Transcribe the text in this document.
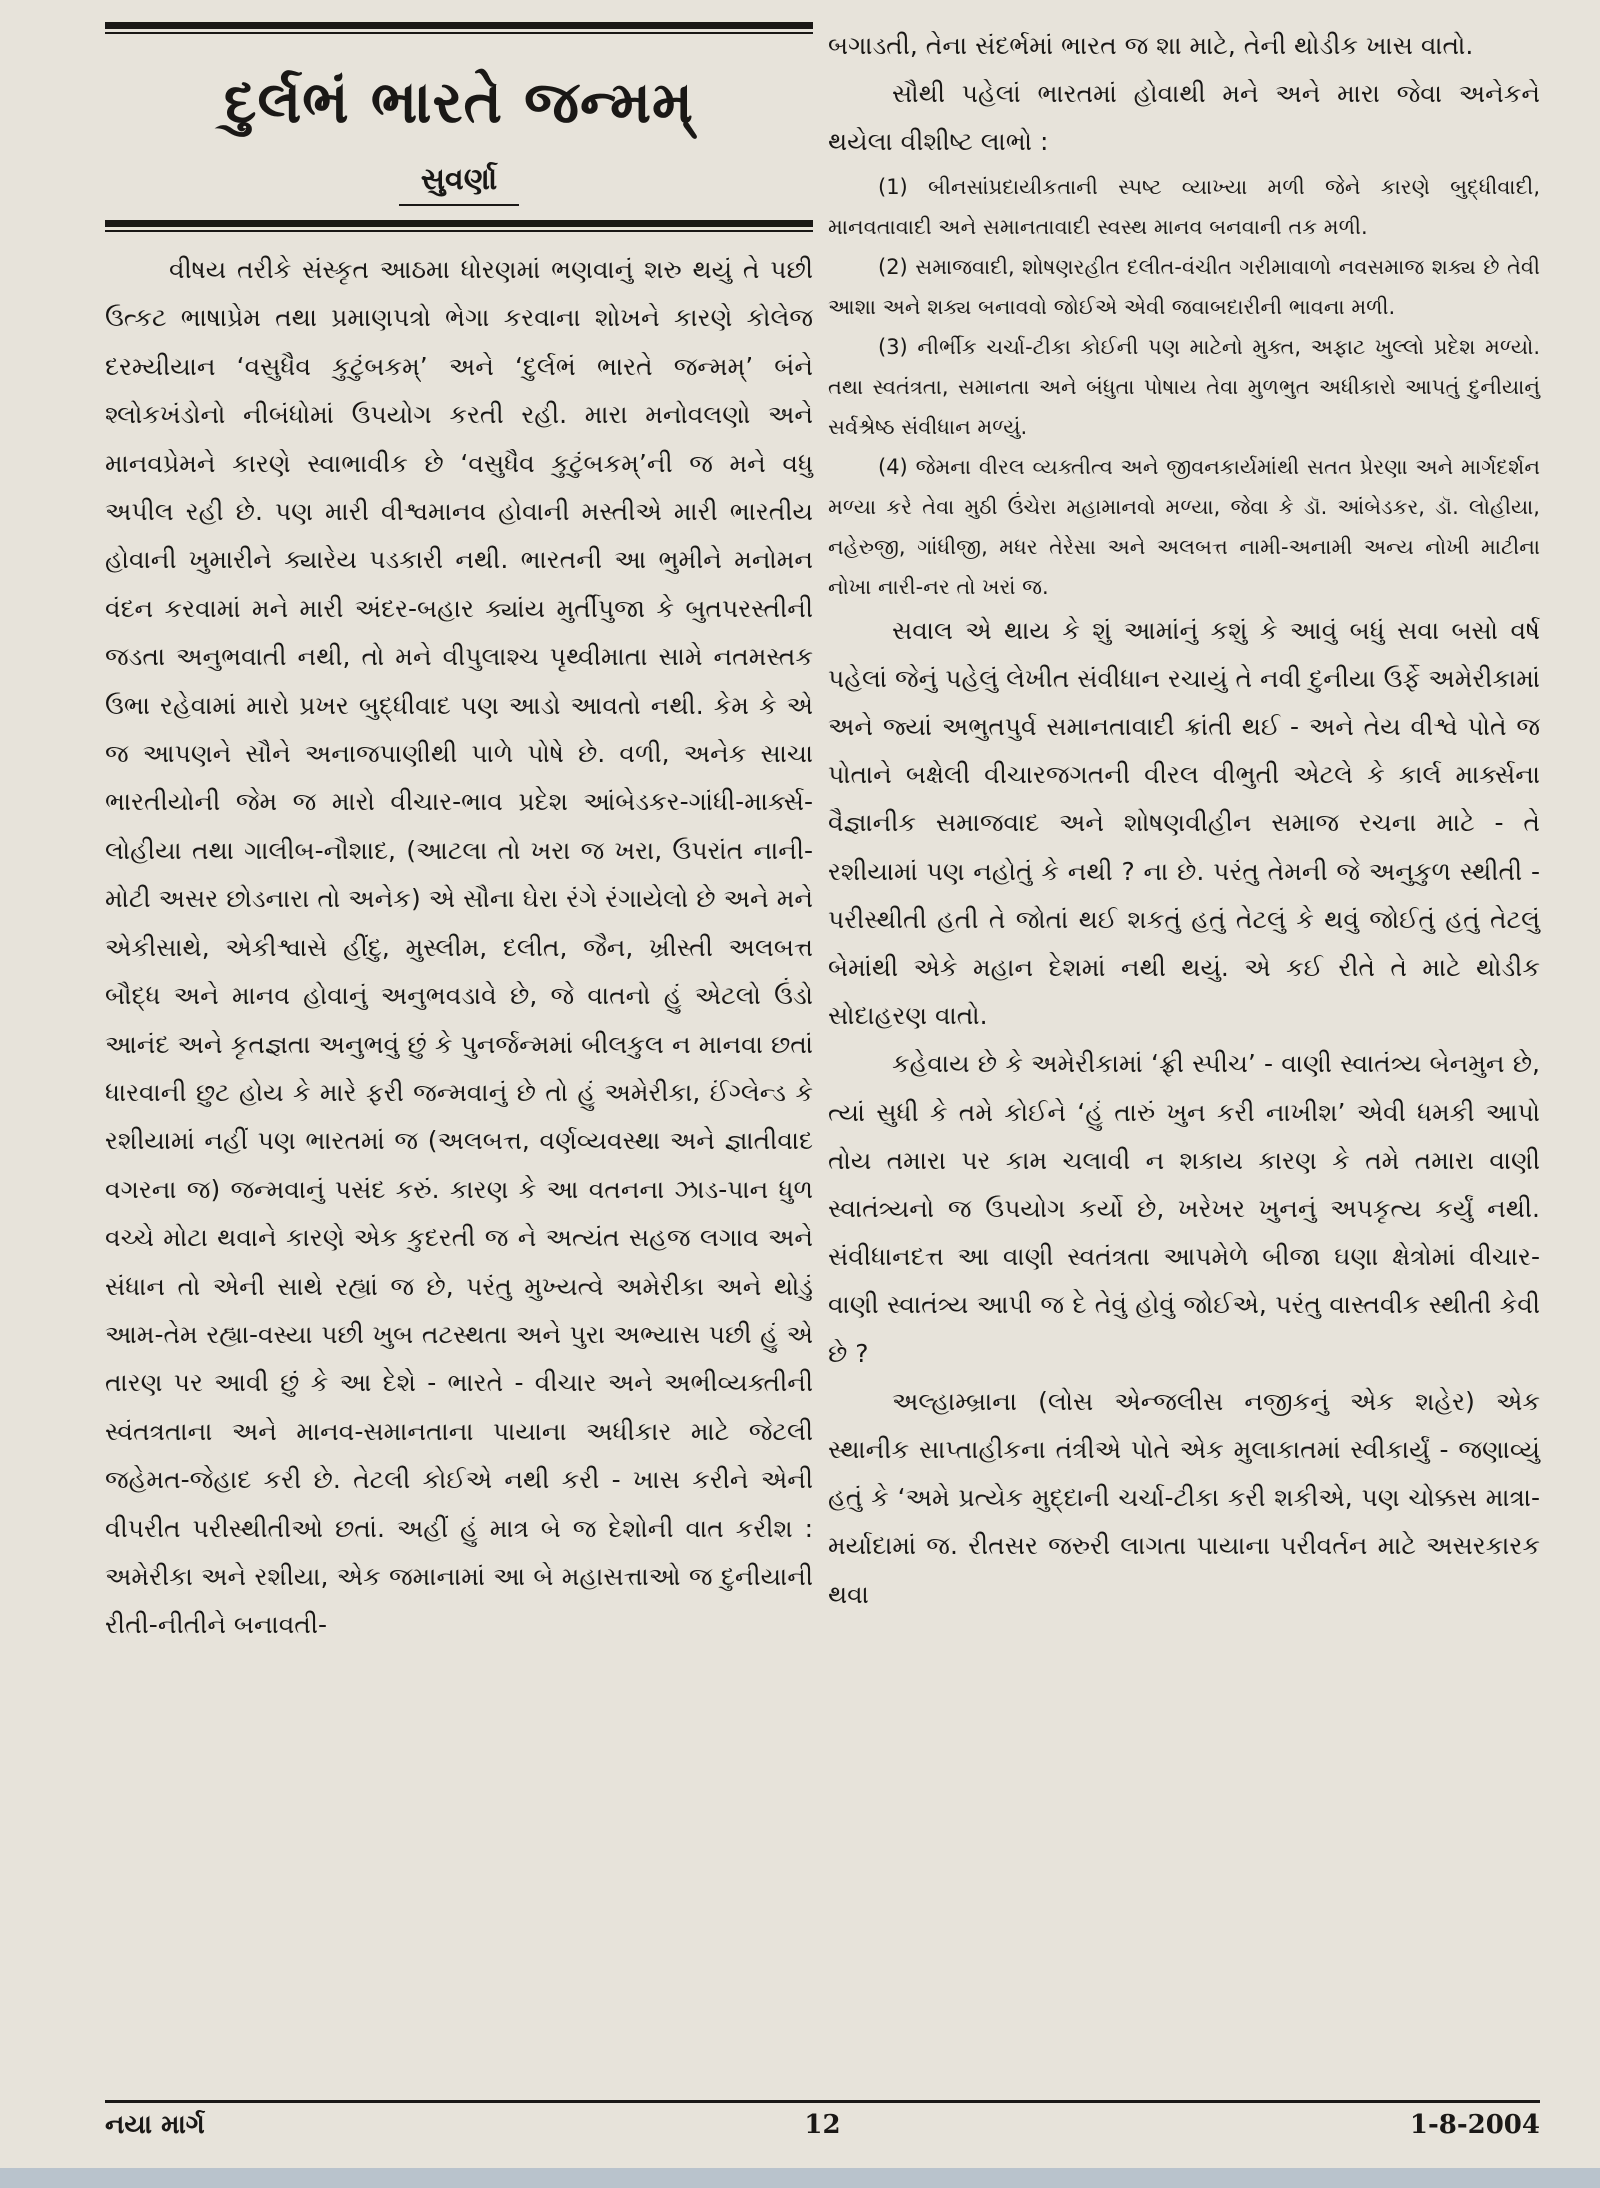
દુર્લભં ભારતે જન્મમ્
સુવર્ણા

વીષય તરીકે સંસ્કૃત આઠમા ધોરણમાં ભણવાનું શરુ થયું તે પછી ઉત્કટ ભાષાપ્રેમ તથા પ્રમાણપત્રો ભેગા કરવાના શોખને કારણે કોલેજ દરમ્યીયાન ‘વસુધૈવ કુટુંબકમ્’ અને ‘દુર્લભં ભારતે જન્મમ્’ બંને શ્લોકખંડોનો નીબંધોમાં ઉપયોગ કરતી રહી. મારા મનોવલણો અને માનવપ્રેમને કારણે સ્વાભાવીક છે ‘વસુધૈવ કુટુંબકમ્’ની જ મને વધુ અપીલ રહી છે. પણ મારી વીશ્વમાનવ હોવાની મસ્તીએ મારી ભારતીય હોવાની ખુમારીને ક્યારેય પડકારી નથી. ભારતની આ ભુમીને મનોમન વંદન કરવામાં મને મારી અંદર-બહાર ક્યાંય મુર્તીપુજા કે બુતપરસ્તીની જડતા અનુભવાતી નથી, તો મને વીપુલાશ્ચ પૃથ્વીમાતા સામે નતમસ્તક ઉભા રહેવામાં મારો પ્રખર બુદ્ધીવાદ પણ આડો આવતો નથી. કેમ કે એ જ આપણને સૌને અનાજપાણીથી પાળે પોષે છે. વળી, અનેક સાચા ભારતીયોની જેમ જ મારો વીચાર-ભાવ પ્રદેશ આંબેડકર-ગાંધી-માર્ક્સ-લોહીયા તથા ગાલીબ-નૌશાદ, (આટલા તો ખરા જ ખરા, ઉપરાંત નાની-મોટી અસર છોડનારા તો અનેક) એ સૌના ઘેરા રંગે રંગાયેલો છે અને મને એકીસાથે, એકીશ્વાસે હીંદુ, મુસ્લીમ, દલીત, જૈન, ખ્રીસ્તી અલબત્ત બૌદ્ધ અને માનવ હોવાનું અનુભવડાવે છે, જે વાતનો હું એટલો ઉંડો આનંદ અને કૃતજ્ઞતા અનુભવું છું કે પુનર્જન્મમાં બીલકુલ ન માનવા છતાં ધારવાની છુટ હોય કે મારે ફરી જન્મવાનું છે તો હું અમેરીકા, ઈંગ્લેન્ડ કે રશીયામાં નહીં પણ ભારતમાં જ (અલબત્ત, વર્ણવ્યવસ્થા અને જ્ઞાતીવાદ વગરના જ) જન્મવાનું પસંદ કરું. કારણ કે આ વતનના ઝાડ-પાન ધુળ વચ્ચે મોટા થવાને કારણે એક કુદરતી જ ને અત્યંત સહજ લગાવ અને સંધાન તો એની સાથે રહ્યાં જ છે, પરંતુ મુખ્યત્વે અમેરીકા અને થોડું આમ-તેમ રહ્યા-વસ્યા પછી ખુબ તટસ્થતા અને પુરા અભ્યાસ પછી હું એ તારણ પર આવી છું કે આ દેશે - ભારતે - વીચાર અને અભીવ્યક્તીની સ્વંતત્રતાના અને માનવ-સમાનતાના પાયાના અધીકાર માટે જેટલી જહેમત-જેહાદ કરી છે. તેટલી કોઈએ નથી કરી - ખાસ કરીને એની વીપરીત પરીસ્થીતીઓ છતાં. અહીં હું માત્ર બે જ દેશોની વાત કરીશ : અમેરીકા અને રશીયા, એક જમાનામાં આ બે મહાસત્તાઓ જ દુનીયાની રીતી-નીતીને બનાવતી-

બગાડતી, તેના સંદર્ભમાં ભારત જ શા માટે, તેની થોડીક ખાસ વાતો.

સૌથી પહેલાં ભારતમાં હોવાથી મને અને મારા જેવા અનેકને થયેલા વીશીષ્ટ લાભો :

(1) બીનસાંપ્રદાયીકતાની સ્પષ્ટ વ્યાખ્યા મળી જેને કારણે બુદ્ધીવાદી, માનવતાવાદી અને સમાનતાવાદી સ્વસ્થ માનવ બનવાની તક મળી.

(2) સમાજવાદી, શોષણરહીત દલીત-વંચીત ગરીમાવાળો નવસમાજ શક્ય છે તેવી આશા અને શક્ય બનાવવો જોઈએ એવી જવાબદારીની ભાવના મળી.

(3) નીર્ભીક ચર્ચા-ટીકા કોઈની પણ માટેનો મુક્ત, અફાટ ખુલ્લો પ્રદેશ મળ્યો. તથા સ્વતંત્રતા, સમાનતા અને બંધુતા પોષાય તેવા મુળભુત અધીકારો આપતું દુનીયાનું સર્વશ્રેષ્ઠ સંવીધાન મળ્યું.

(4) જેમના વીરલ વ્યક્તીત્વ અને જીવનકાર્યમાંથી સતત પ્રેરણા અને માર્ગદર્શન મળ્યા કરે તેવા મુઠી ઉંચેરા મહામાનવો મળ્યા, જેવા કે ડૉ. આંબેડકર, ડૉ. લોહીયા, નહેરુજી, ગાંધીજી, મધર તેરેસા અને અલબત્ત નામી-અનામી અન્ય નોખી માટીના નોખા નારી-નર તો ખરાં જ.

સવાલ એ થાય કે શું આમાંનું કશું કે આવું બધું સવા બસો વર્ષ પહેલાં જેનું પહેલું લેખીત સંવીધાન રચાયું તે નવી દુનીયા ઉર્ફે અમેરીકામાં અને જ્યાં અભુતપુર્વ સમાનતાવાદી ક્રાંતી થઈ - અને તેય વીશ્વે પોતે જ પોતાને બક્ષેલી વીચારજગતની વીરલ વીભુતી એટલે કે કાર્લ માર્ક્સના વૈજ્ઞાનીક સમાજવાદ અને શોષણવીહીન સમાજ રચના માટે - તે રશીયામાં પણ નહોતું કે નથી ? ના છે. પરંતુ તેમની જે અનુકુળ સ્થીતી - પરીસ્થીતી હતી તે જોતાં થઈ શકતું હતું તેટલું કે થવું જોઈતું હતું તેટલું બેમાંથી એકે મહાન દેશમાં નથી થયું. એ કઈ રીતે તે માટે થોડીક સોદાહરણ વાતો.

કહેવાય છે કે અમેરીકામાં ‘ફ્રી સ્પીચ’ - વાણી સ્વાતંત્ર્ય બેનમુન છે, ત્યાં સુધી કે તમે કોઈને ‘હું તારું ખુન કરી નાખીશ’ એવી ધમકી આપો તોય તમારા પર કામ ચલાવી ન શકાય કારણ કે તમે તમારા વાણી સ્વાતંત્ર્યનો જ ઉપયોગ કર્યો છે, ખરેખર ખુનનું અપકૃત્ય કર્યું નથી. સંવીધાનદત્ત આ વાણી સ્વતંત્રતા આપમેળે બીજા ઘણા ક્ષેત્રોમાં વીચાર-વાણી સ્વાતંત્ર્ય આપી જ દે તેવું હોવું જોઈએ, પરંતુ વાસ્તવીક સ્થીતી કેવી છે ?

અલ્હામ્બ્રાના (લોસ એન્જલીસ નજીકનું એક શહેર) એક સ્થાનીક સાપ્તાહીકના તંત્રીએ પોતે એક મુલાકાતમાં સ્વીકાર્યું - જણાવ્યું હતું કે ‘અમે પ્રત્યેક મુદ્દાની ચર્ચા-ટીકા કરી શકીએ, પણ ચોક્કસ માત્રા-મર્યાદામાં જ. રીતસર જરુરી લાગતા પાયાના પરીવર્તન માટે અસરકારક થવા

નયા માર્ગ	12	1-8-2004
